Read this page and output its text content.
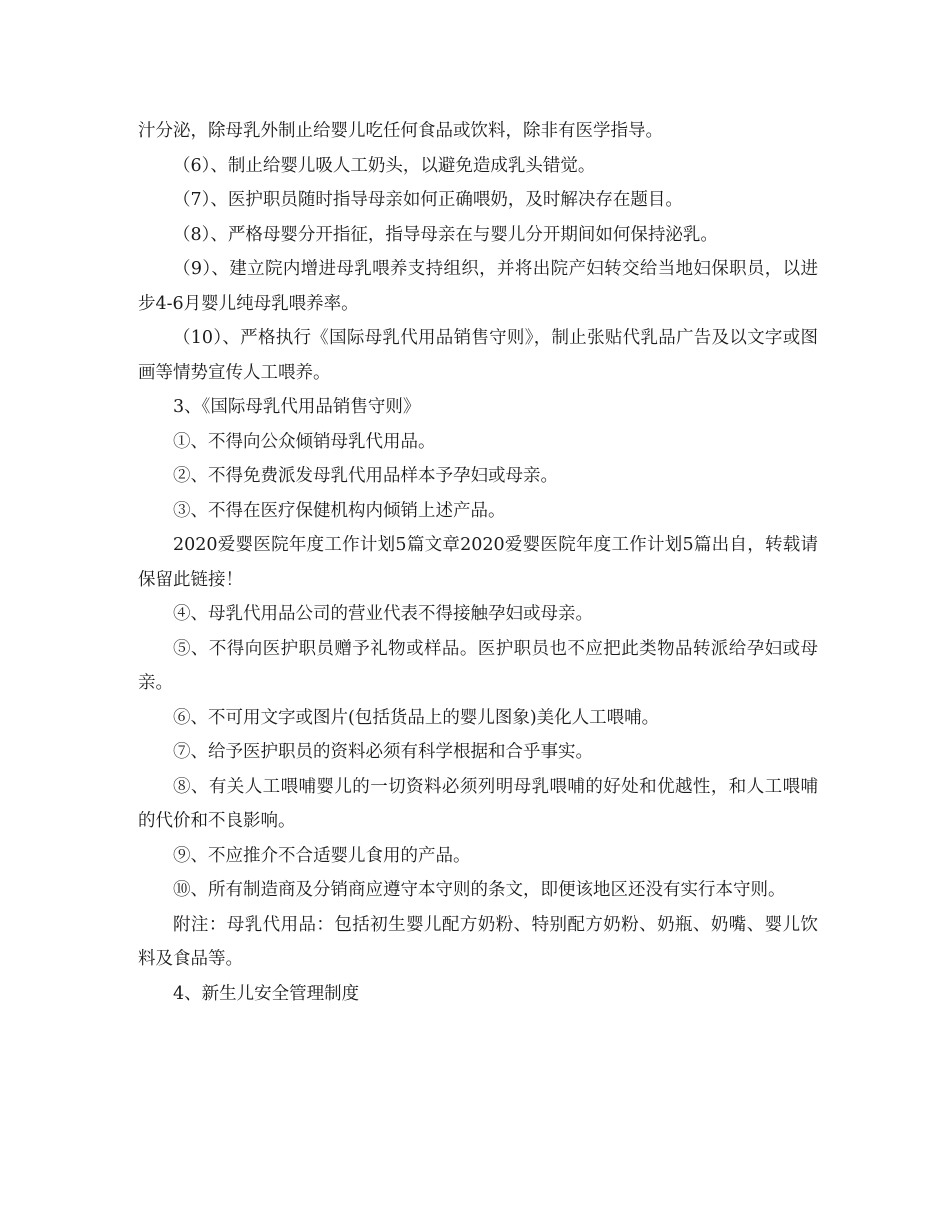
汁分泌，除母乳外制止给婴儿吃任何食品或饮料，除非有医学指导。

（6）、制止给婴儿吸人工奶头，以避免造成乳头错觉。

（7）、医护职员随时指导母亲如何正确喂奶，及时解决存在题目。

（8）、严格母婴分开指征，指导母亲在与婴儿分开期间如何保持泌乳。

（9）、建立院内增进母乳喂养支持组织，并将出院产妇转交给当地妇保职员，以进步4-6月婴儿纯母乳喂养率。

（10）、严格执行《国际母乳代用品销售守则》，制止张贴代乳品广告及以文字或图画等情势宣传人工喂养。

3、《国际母乳代用品销售守则》

①、不得向公众倾销母乳代用品。

②、不得免费派发母乳代用品样本予孕妇或母亲。

③、不得在医疗保健机构内倾销上述产品。

2020爱婴医院年度工作计划5篇文章2020爱婴医院年度工作计划5篇出自，转载请保留此链接！

④、母乳代用品公司的营业代表不得接触孕妇或母亲。

⑤、不得向医护职员赠予礼物或样品。医护职员也不应把此类物品转派给孕妇或母亲。

⑥、不可用文字或图片(包括货品上的婴儿图象)美化人工喂哺。

⑦、给予医护职员的资料必须有科学根据和合乎事实。

⑧、有关人工喂哺婴儿的一切资料必须列明母乳喂哺的好处和优越性，和人工喂哺的代价和不良影响。

⑨、不应推介不合适婴儿食用的产品。

⑩、所有制造商及分销商应遵守本守则的条文，即便该地区还没有实行本守则。

附注：母乳代用品：包括初生婴儿配方奶粉、特别配方奶粉、奶瓶、奶嘴、婴儿饮料及食品等。

4、新生儿安全管理制度
